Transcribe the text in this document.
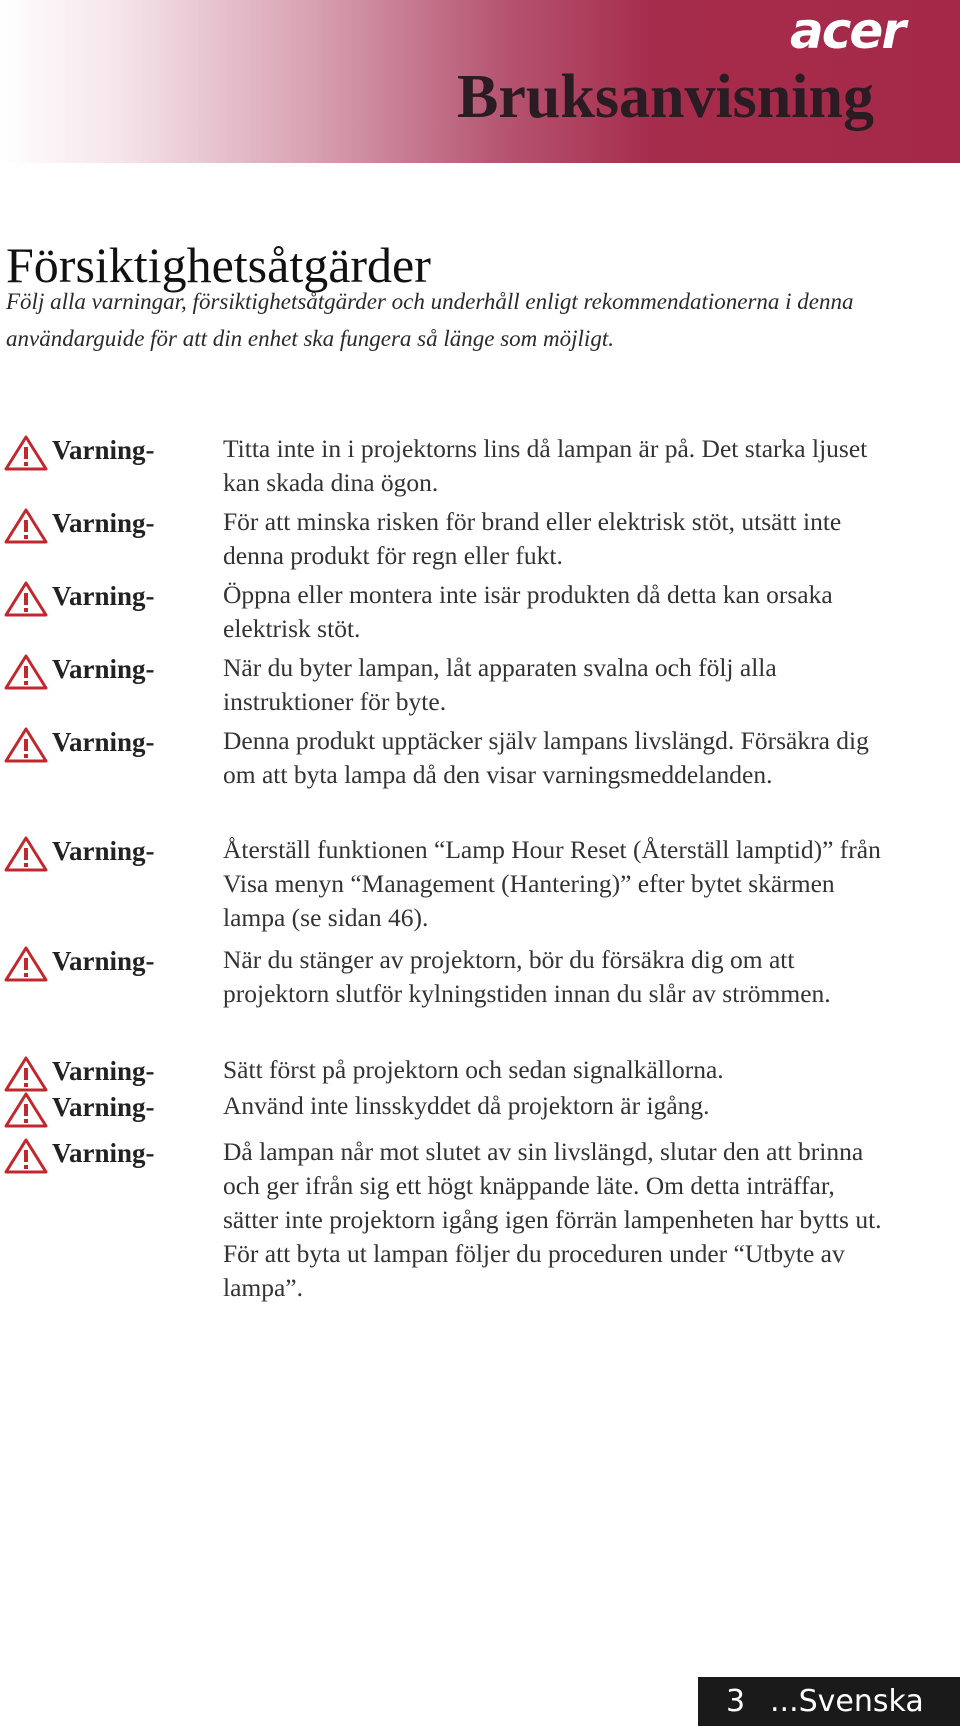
acer
Bruksanvisning
Försiktighetsåtgärder
Följ alla varningar, försiktighetsåtgärder och underhåll enligt rekommendationerna i denna användarguide för att din enhet ska fungera så länge som möjligt.
Varning-	Titta inte in i projektorns lins då lampan är på. Det starka ljuset kan skada dina ögon.
Varning-	För att minska risken för brand eller elektrisk stöt, utsätt inte denna produkt för regn eller fukt.
Varning-	Öppna eller montera inte isär produkten då detta kan orsaka elektrisk stöt.
Varning-	När du byter lampan, låt apparaten svalna och följ alla instruktioner för byte.
Varning-	Denna produkt upptäcker själv lampans livslängd. Försäkra dig om att byta lampa då den visar varningsmeddelanden.
Varning-	Återställ funktionen “Lamp Hour Reset (Återställ lamptid)” från Visa menyn “Management (Hantering)” efter bytet skärmen lampa (se sidan 46).
Varning-	När du stänger av projektorn, bör du försäkra dig om att projektorn slutför kylningstiden innan du slår av strömmen.
Varning-	Sätt först på projektorn och sedan signalkällorna.
Varning-	Använd inte linsskyddet då projektorn är igång.
Varning-	Då lampan når mot slutet av sin livslängd, slutar den att brinna och ger ifrån sig ett högt knäppande läte. Om detta inträffar, sätter inte projektorn igång igen förrän lampenheten har bytts ut. För att byta ut lampan följer du proceduren under “Utbyte av lampa”.
3 ...Svenska
